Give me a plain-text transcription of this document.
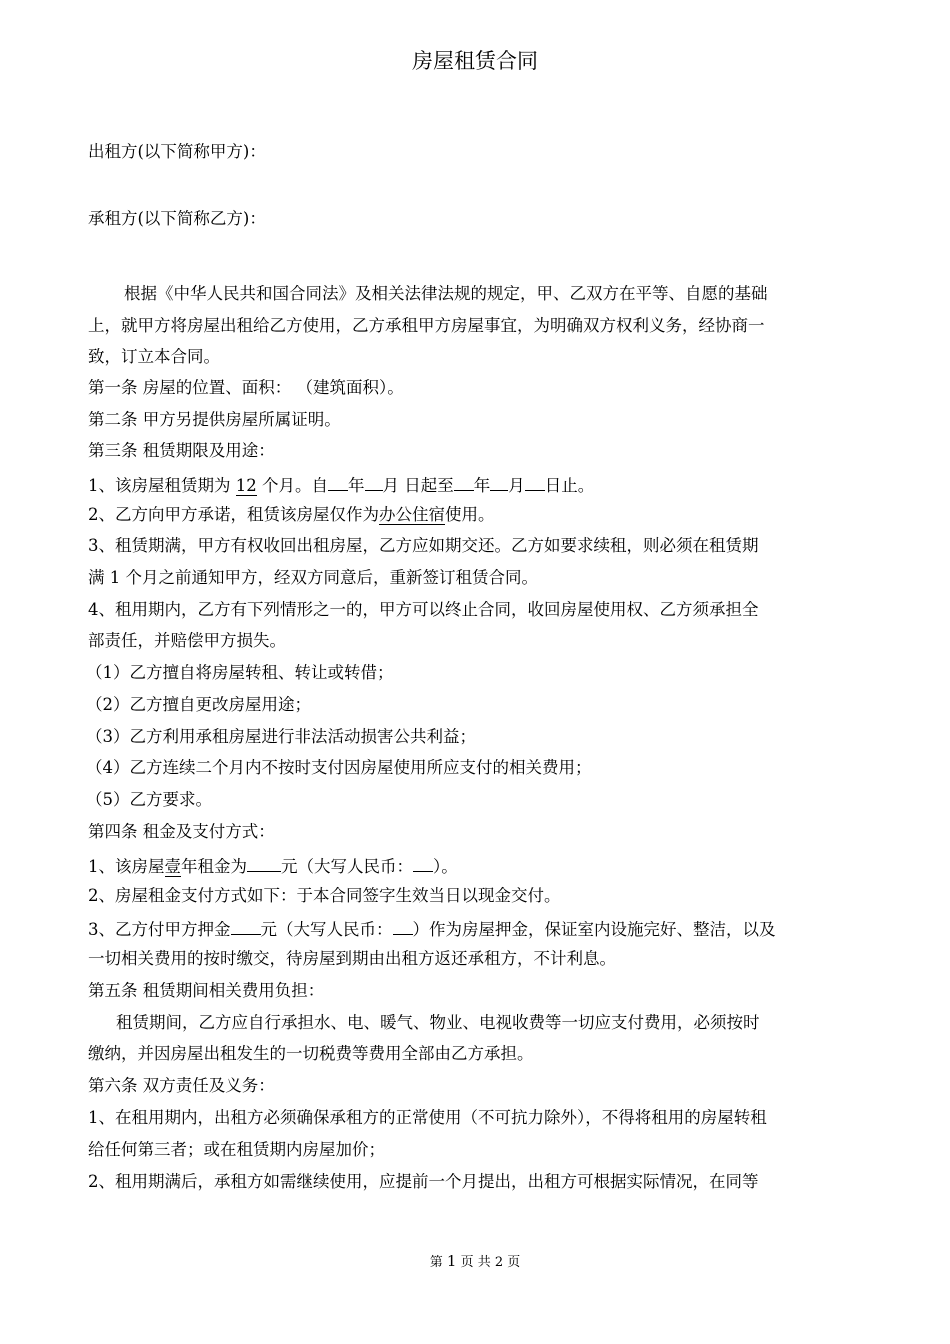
房屋租赁合同
出租方(以下简称甲方)：
承租方(以下简称乙方)：
根据《中华人民共和国合同法》及相关法律法规的规定，甲、乙双方在平等、自愿的基础
上，就甲方将房屋出租给乙方使用，乙方承租甲方房屋事宜，为明确双方权利义务，经协商一
致，订立本合同。
第一条 房屋的位置、面积： （建筑面积）。
第二条 甲方另提供房屋所属证明。
第三条 租赁期限及用途：
1、该房屋租赁期为 12 个月。自 年 月 日起至 年 月 日止。
2、乙方向甲方承诺，租赁该房屋仅作为办公住宿使用。
3、租赁期满，甲方有权收回出租房屋，乙方应如期交还。乙方如要求续租，则必须在租赁期
满 1 个月之前通知甲方，经双方同意后，重新签订租赁合同。
4、租用期内，乙方有下列情形之一的，甲方可以终止合同，收回房屋使用权、乙方须承担全
部责任，并赔偿甲方损失。
（1）乙方擅自将房屋转租、转让或转借；
（2）乙方擅自更改房屋用途；
（3）乙方利用承租房屋进行非法活动损害公共利益；
（4）乙方连续二个月内不按时支付因房屋使用所应支付的相关费用；
（5）乙方要求。
第四条 租金及支付方式：
1、该房屋壹年租金为 元（大写人民币： ）。
2、房屋租金支付方式如下：于本合同签字生效当日以现金交付。
3、乙方付甲方押金 元（大写人民币： ）作为房屋押金，保证室内设施完好、整洁，以及
一切相关费用的按时缴交，待房屋到期由出租方返还承租方，不计利息。
第五条 租赁期间相关费用负担：
租赁期间，乙方应自行承担水、电、暖气、物业、电视收费等一切应支付费用，必须按时
缴纳，并因房屋出租发生的一切税费等费用全部由乙方承担。
第六条 双方责任及义务：
1、在租用期内，出租方必须确保承租方的正常使用（不可抗力除外），不得将租用的房屋转租
给任何第三者；或在租赁期内房屋加价；
2、租用期满后，承租方如需继续使用，应提前一个月提出，出租方可根据实际情况，在同等
第 1 页 共 2 页
